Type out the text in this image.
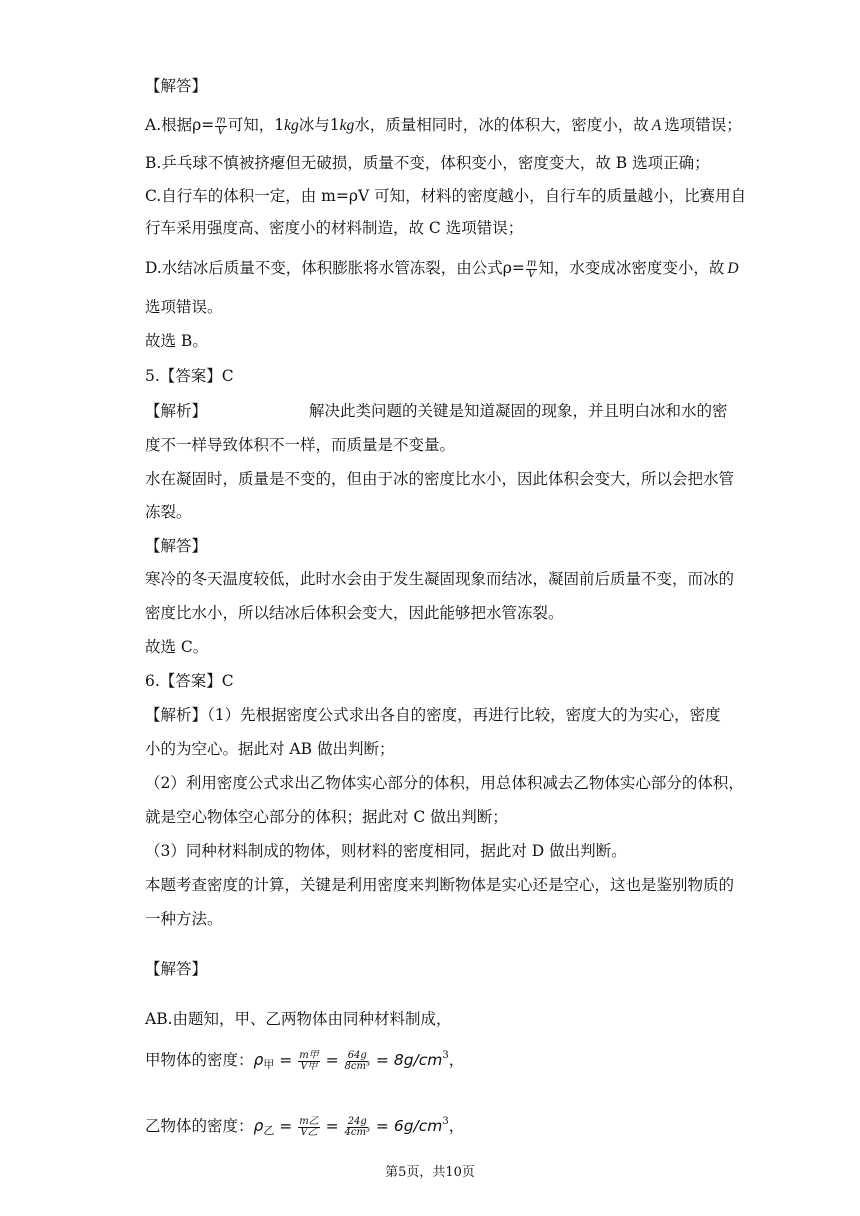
【解答】
A.根据$\rho= \frac{m}{V}$ 可知，1kg冰与1kg水，质量相同时，冰的体积大，密度小，故 A 选项错误；
B.乒乓球不慎被挤瘪但无破损，质量不变，体积变小，密度变大，故 B 选项正确；
C.自行车的体积一定，由 m=ρV 可知，材料的密度越小，自行车的质量越小，比赛用自
行车采用强度高、密度小的材料制造，故 C 选项错误；
D.水结冰后质量不变，体积膨胀将水管冻裂，由公式$\rho= \frac{m}{V}$ 知，水变成冰密度变小，故 D
选项错误。
故选 B。
5.【答案】C
【解析】	解决此类问题的关键是知道凝固的现象，并且明白冰和水的密
度不一样导致体积不一样，而质量是不变量。
水在凝固时，质量是不变的，但由于冰的密度比水小，因此体积会变大，所以会把水管
冻裂。
【解答】
寒冷的冬天温度较低，此时水会由于发生凝固现象而结冰，凝固前后质量不变，而冰的
密度比水小，所以结冰后体积会变大，因此能够把水管冻裂。
故选 C。
6.【答案】C
【解析】（1）先根据密度公式求出各自的密度，再进行比较，密度大的为实心，密度
小的为空心。据此对 AB 做出判断；
（2）利用密度公式求出乙物体实心部分的体积，用总体积减去乙物体实心部分的体积，
就是空心物体空心部分的体积；据此对 C 做出判断；
（3）同种材料制成的物体，则材料的密度相同，据此对 D 做出判断。
本题考查密度的计算，关键是利用密度来判断物体是实心还是空心，这也是鉴别物质的
一种方法。
【解答】
AB.由题知，甲、乙两物体由同种材料制成，
甲物体的密度：$\rho_甲 = \frac{\text{m甲}}{\text{V甲}} = \frac{64g}{\text{8cm³}} = 8g/cm^3$，
乙物体的密度：$\rho_乙 = \frac{\text{m乙}}{\text{V乙}} = \frac{24g}{\text{4cm³}} = 6g/cm^3$，
第5页，共10页
